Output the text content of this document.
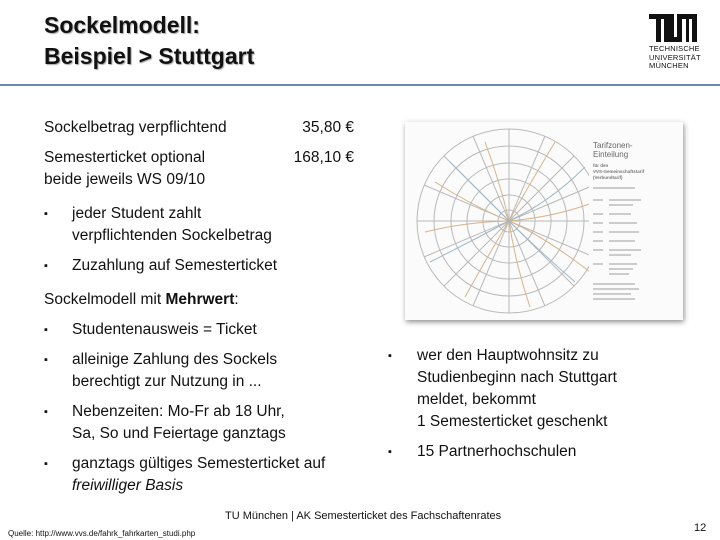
Sockelmodell:
Beispiel > Stuttgart	TECHNISCHE
UNIVERSITÄT
MÜNCHEN
Sockelbetrag verpflichtend	35,80 €
Semesterticket optional	168,10 €
beide jeweils WS 09/10
▪ jeder Student zahlt
verpflichtenden Sockelbetrag
▪ Zuzahlung auf Semesterticket
Sockelmodell mit Mehrwert:
▪ Studentenausweis = Ticket
▪ alleinige Zahlung des Sockels
berechtigt zur Nutzung in ...
▪ Nebenzeiten: Mo-Fr ab 18 Uhr,
Sa, So und Feiertage ganztags
▪ ganztags gültiges Semesterticket auf
freiwilliger Basis
Tarifzonen-
Einteilung
für den
VVS-Gemeinschaftstarif
(Verbundtarif)
▪ wer den Hauptwohnsitz zu
Studienbeginn nach Stuttgart
meldet, bekommt
1 Semesterticket geschenkt
▪ 15 Partnerhochschulen
TU München | AK Semesterticket des Fachschaftenrates
Quelle: http://www.vvs.de/fahrk_fahrkarten_studi.php	12
